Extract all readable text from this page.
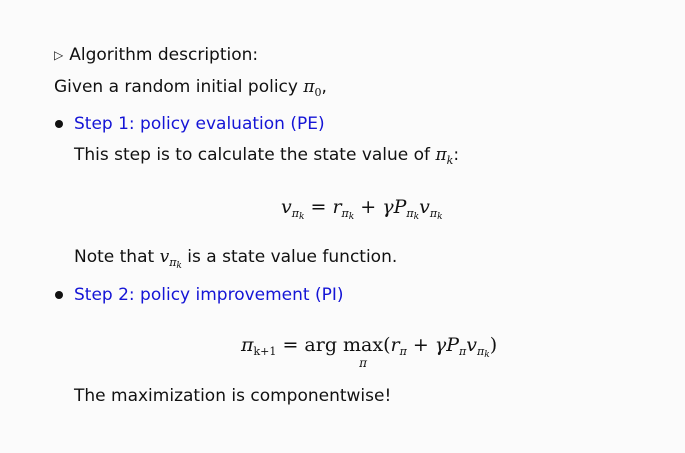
▷ Algorithm description:
Given a random initial policy $\pi_0$,
Step 1: policy evaluation (PE)
This step is to calculate the state value of $\pi_k$:
$v_{\pi_k} = r_{\pi_k} + \gamma P_{\pi_k}v_{\pi_k}$
Note that $v_{\pi_k}$ is a state value function.
Step 2: policy improvement (PI)
$\pi_{k+1}$ = arg max
π
$(r_\pi + \gamma P_\pi v_{\pi_k})$
The maximization is componentwise!
